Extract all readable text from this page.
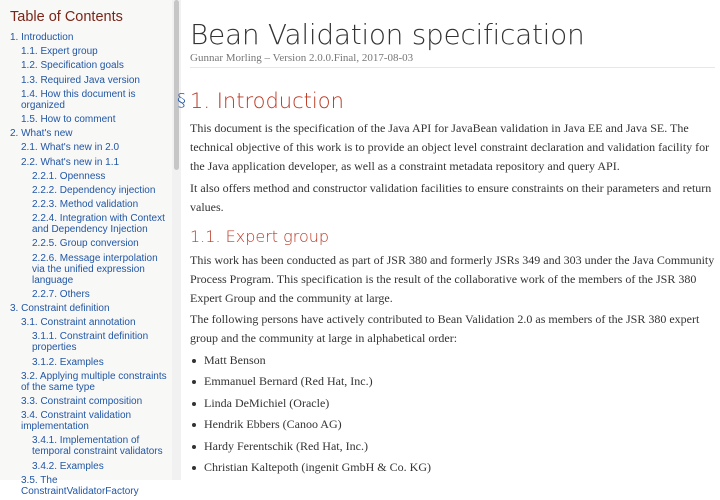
Table of Contents
1. Introduction
1.1. Expert group
1.2. Specification goals
1.3. Required Java version
1.4. How this document is organized
1.5. How to comment
2. What's new
2.1. What's new in 2.0
2.2. What's new in 1.1
2.2.1. Openness
2.2.2. Dependency injection
2.2.3. Method validation
2.2.4. Integration with Context and Dependency Injection
2.2.5. Group conversion
2.2.6. Message interpolation via the unified expression language
2.2.7. Others
3. Constraint definition
3.1. Constraint annotation
3.1.1. Constraint definition properties
3.1.2. Examples
3.2. Applying multiple constraints of the same type
3.3. Constraint composition
3.4. Constraint validation implementation
3.4.1. Implementation of temporal constraint validators
3.4.2. Examples
3.5. The ConstraintValidatorFactory
Bean Validation specification
Gunnar Morling – Version 2.0.0.Final, 2017-08-03
§ 1. Introduction

This document is the specification of the Java API for JavaBean validation in Java EE and Java SE. The technical objective of this work is to provide an object level constraint declaration and validation facility for the Java application developer, as well as a constraint metadata repository and query API.

It also offers method and constructor validation facilities to ensure constraints on their parameters and return values.

1.1. Expert group

This work has been conducted as part of JSR 380 and formerly JSRs 349 and 303 under the Java Community Process Program. This specification is the result of the collaborative work of the members of the JSR 380 Expert Group and the community at large.

The following persons have actively contributed to Bean Validation 2.0 as members of the JSR 380 expert group and the community at large in alphabetical order:

Matt Benson
Emmanuel Bernard (Red Hat, Inc.)
Linda DeMichiel (Oracle)
Hendrik Ebbers (Canoo AG)
Hardy Ferentschik (Red Hat, Inc.)
Christian Kaltepoth (ingenit GmbH & Co. KG)
